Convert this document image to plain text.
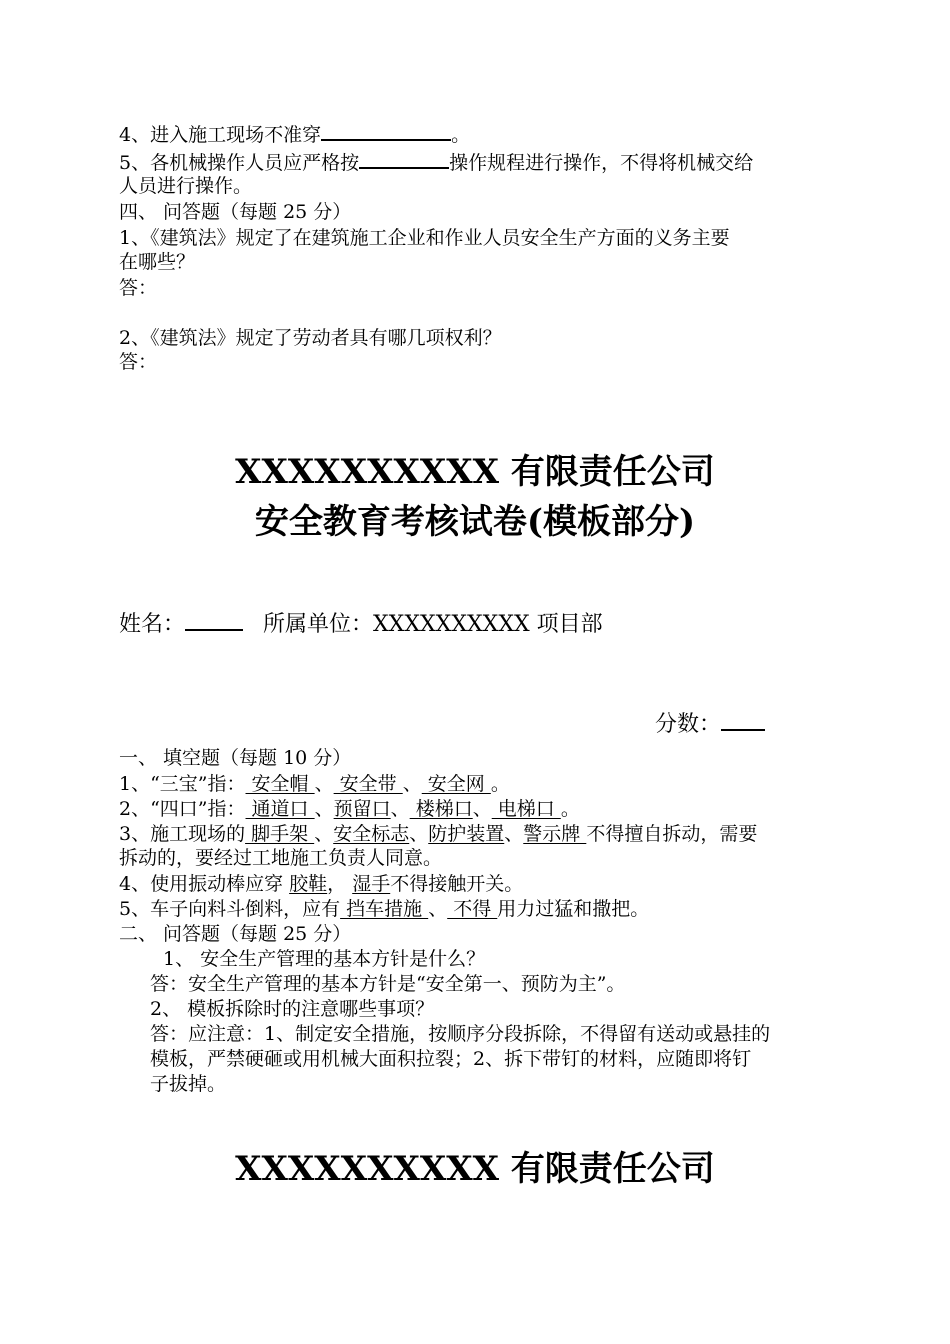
4、进入施工现场不准穿	。
5、各机械操作人员应严格按	操作规程进行操作，不得将机械交给
人员进行操作。
四、 问答题（每题 25 分）
1、《建筑法》规定了在建筑施工企业和作业人员安全生产方面的义务主要
在哪些？
答：
2、《建筑法》规定了劳动者具有哪几项权利？
答：
XXXXXXXXXX 有限责任公司
安全教育考核试卷(模板部分)
姓名：	所属单位：XXXXXXXXXX 项目部
分数：
一、 填空题（每题 10 分）
1、“三宝”指： 安全帽 、 安全带 、 安全网 。
2、“四口”指： 通道口 、预留口、 楼梯口、 电梯口 。
3、施工现场的 脚手架 、安全标志、防护装置、警示牌 不得擅自拆动，需要
拆动的，要经过工地施工负责人同意。
4、使用振动棒应穿 胶鞋， 湿手不得接触开关。
5、车子向料斗倒料，应有 挡车措施 、 不得 用力过猛和撒把。
二、 问答题（每题 25 分）
1、 安全生产管理的基本方针是什么？
答：安全生产管理的基本方针是“安全第一、预防为主”。
2、 模板拆除时的注意哪些事项？
答：应注意：1、制定安全措施，按顺序分段拆除，不得留有送动或悬挂的
模板，严禁硬砸或用机械大面积拉裂；2、拆下带钉的材料，应随即将钉
子拔掉。
XXXXXXXXXX 有限责任公司
